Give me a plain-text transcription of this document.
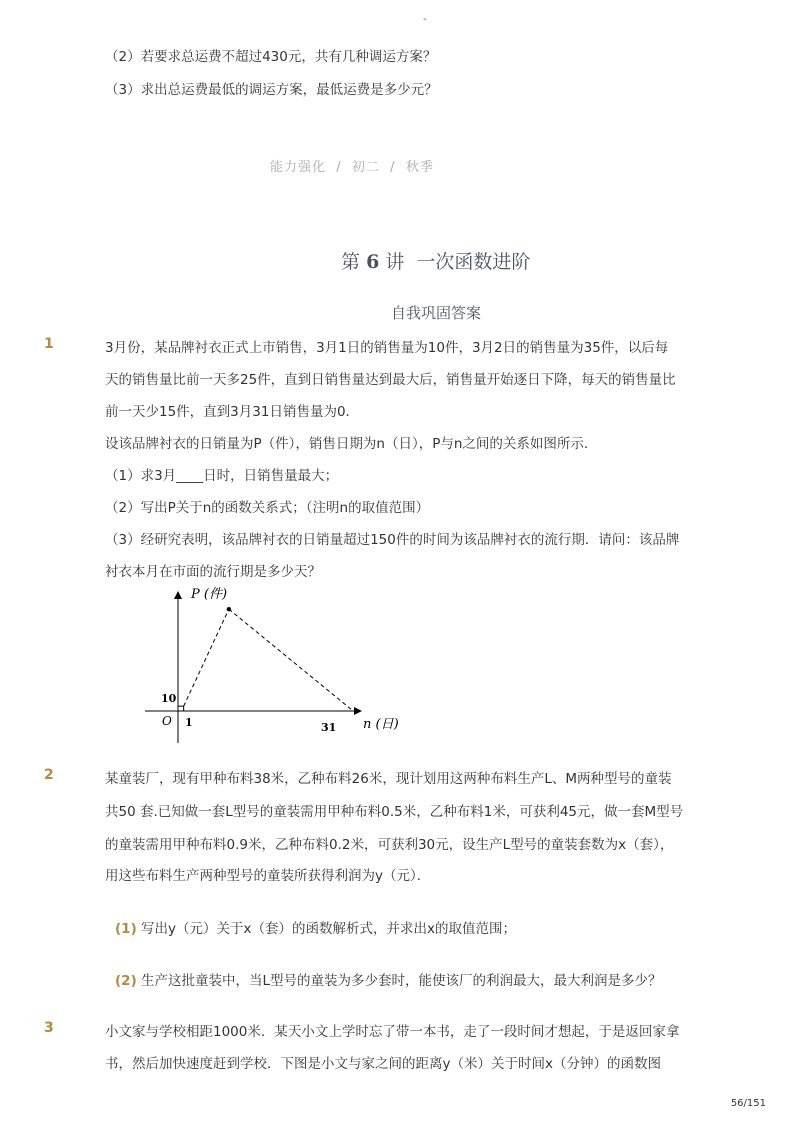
-
（2）若要求总运费不超过430元，共有几种调运方案？
（3）求出总运费最低的调运方案，最低运费是多少元？
能力强化  /  初二  /  秋季
第 6 讲  一次函数进阶
自我巩固答案
1	3月份，某品牌衬衣正式上市销售，3月1日的销售量为10件，3月2日的销售量为35件，以后每
天的销售量比前一天多25件，直到日销售量达到最大后，销售量开始逐日下降，每天的销售量比
前一天少15件，直到3月31日销售量为0．
设该品牌衬衣的日销量为P（件），销售日期为n（日），P与n之间的关系如图所示．
（1）求3月____日时，日销售量最大；
（2）写出P关于n的函数关系式；（注明n的取值范围）
（3）经研究表明，该品牌衬衣的日销量超过150件的时间为该品牌衬衣的流行期．请问：该品牌
衬衣本月在市面的流行期是多少天？
P (件)
n (日)
O
10
1	31
2	某童装厂，现有甲种布料38米，乙种布料26米，现计划用这两种布料生产L、M两种型号的童装
共50 套.已知做一套L型号的童装需用甲种布料0.5米，乙种布料1米，可获利45元，做一套M型号
的童装需用甲种布料0.9米，乙种布料0.2米，可获利30元，设生产L型号的童装套数为x（套），
用这些布料生产两种型号的童装所获得利润为y（元）．
(1) 写出y（元）关于x（套）的函数解析式，并求出x的取值范围；
(2) 生产这批童装中，当L型号的童装为多少套时，能使该厂的利润最大，最大利润是多少？
3	小文家与学校相距1000米．某天小文上学时忘了带一本书，走了一段时间才想起，于是返回家拿
书，然后加快速度赶到学校．下图是小文与家之间的距离y（米）关于时间x（分钟）的函数图
56/151
